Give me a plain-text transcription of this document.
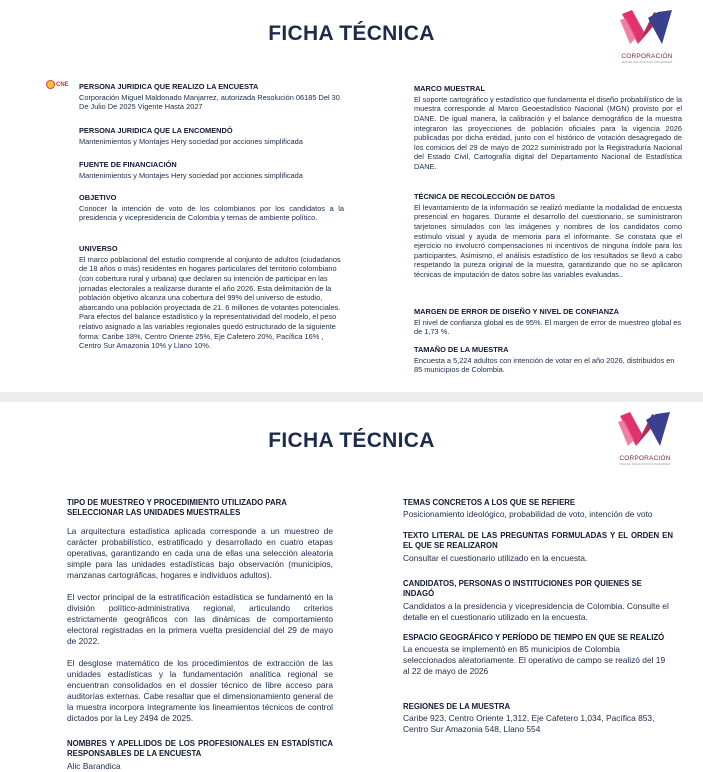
FICHA TÉCNICA
CORPORACIÓN
MIGUEL MALDONADO MANJARREZ
CNE PERSONA JURIDICA QUE REALIZO LA ENCUESTA
Corporación Miguel Maldonado Manjarrez, autorizada Resolución 06185 Del 30 De Julio De 2025 Vigente Hasta 2027
PERSONA JURIDICA QUE LA ENCOMENDÓ
Mantenimientos y Montajes Hery sociedad por acciones simplificada
FUENTE DE FINANCIACIÓN
Mantenimientos y Montajes Hery sociedad por acciones simplificada
OBJETIVO
Conocer la intención de voto de los colombianos por los candidatos a la presidencia y vicepresidencia de Colombia y temas de ambiente político.
UNIVERSO
El marco poblacional del estudio comprende al conjunto de adultos (ciudadanos de 18 años o más) residentes en hogares particulares del territorio colombiano (con cobertura rural y urbana) que declaren su intención de participar en las jornadas electorales a realizarse durante el año 2026. Esta delimitación de la población objetivo alcanza una cobertura del 99% del universo de estudio, abarcando una población proyectada de 21. 6 millones de votantes potenciales. Para efectos del balance estadístico y la representatividad del modelo, el peso relativo asignado a las variables regionales quedó estructurado de la siguiente forma: Caribe 18%, Centro Oriente 25%, Eje Cafetero 20%, Pacífica 16% , Centro Sur Amazonia 10% y Llano 10%.
MARCO MUESTRAL
El soporte cartográfico y estadístico que fundamenta el diseño probabilístico de la muestra corresponde al Marco Geoestadístico Nacional (MGN) provisto por el DANE. De igual manera, la calibración y el balance demográfico de la muestra integraron las proyecciones de población oficiales para la vigencia 2026 publicadas por dicha entidad, junto con el histórico de votación desagregado de los comicios del 29 de mayo de 2022 suministrado por la Registraduría Nacional del Estado Civil, Cartografía digital del Departamento Nacional de Estadística DANE.
TÉCNICA DE RECOLECCIÓN DE DATOS
El levantamiento de la información se realizó mediante la modalidad de encuesta presencial en hogares. Durante el desarrollo del cuestionario, se suministraron tarjetones simulados con las imágenes y nombres de los candidatos como estímulo visual y ayuda de memoria para el informante. Se constata que el ejercicio no involucró compensaciones ni incentivos de ninguna índole para los participantes. Asimismo, el análisis estadístico de los resultados se llevó a cabo respetando la pureza original de la muestra, garantizando que no se aplicaron técnicas de imputación de datos sobre las variables evaluadas..
MARGEN DE ERROR DE DISEÑO Y NIVEL DE CONFIANZA
El nivel de confianza global es de 95%. El margen de error de muestreo global es de 1,73 %.
TAMAÑO DE LA MUESTRA
Encuesta a 5,224 adultos con intención de votar en el año 2026, distribuidos en 85 municipios de Colombia.
FICHA TÉCNICA
CORPORACIÓN
MIGUEL MALDONADO MANJARREZ
TIPO DE MUESTREO Y PROCEDIMIENTO UTILIZADO PARA SELECCIONAR LAS UNIDADES MUESTRALES
La arquitectura estadística aplicada corresponde a un muestreo de carácter probabilístico, estratificado y desarrollado en cuatro etapas operativas, garantizando en cada una de ellas una selección aleatoria simple para las unidades estadísticas bajo observación (municipios, manzanas cartográficas, hogares e individuos adultos).
El vector principal de la estratificación estadística se fundamentó en la división político-administrativa regional, articulando criterios estrictamente geográficos con las dinámicas de comportamiento electoral registradas en la primera vuelta presidencial del 29 de mayo de 2022.
El desglose matemático de los procedimientos de extracción de las unidades estadísticas y la fundamentación analítica regional se encuentran consolidados en el dossier técnico de libre acceso para auditorías externas. Cabe resaltar que el dimensionamiento general de la muestra incorpora íntegramente los lineamientos técnicos de control dictados por la Ley 2494 de 2025.
NOMBRES Y APELLIDOS DE LOS PROFESIONALES EN ESTADÍSTICA RESPONSABLES DE LA ENCUESTA
Alic Barandica
TEMAS CONCRETOS A LOS QUE SE REFIERE
Posicionamiento ideológico, probabilidad de voto, intención de voto
TEXTO LITERAL DE LAS PREGUNTAS FORMULADAS Y EL ORDEN EN EL QUE SE REALIZARON
Consultar el cuestionario utilizado en la encuesta.
CANDIDATOS, PERSONAS O INSTITUCIONES POR QUIENES SE INDAGÓ
Candidatos a la presidencia y vicepresidencia de Colombia. Consulte el detalle en el cuestionario utilizado en la encuesta.
ESPACIO GEOGRÁFICO Y PERÍODO DE TIEMPO EN QUE SE REALIZÓ
La encuesta se implementó en 85 municipios de Colombia seleccionados aleatoriamente. El operativo de campo se realizó del 19 al 22 de mayo de 2026
REGIONES DE LA MUESTRA
Caribe 923, Centro Oriente 1,312, Eje Cafetero 1,034, Pacífica 853, Centro Sur Amazonia 548, Llano 554
